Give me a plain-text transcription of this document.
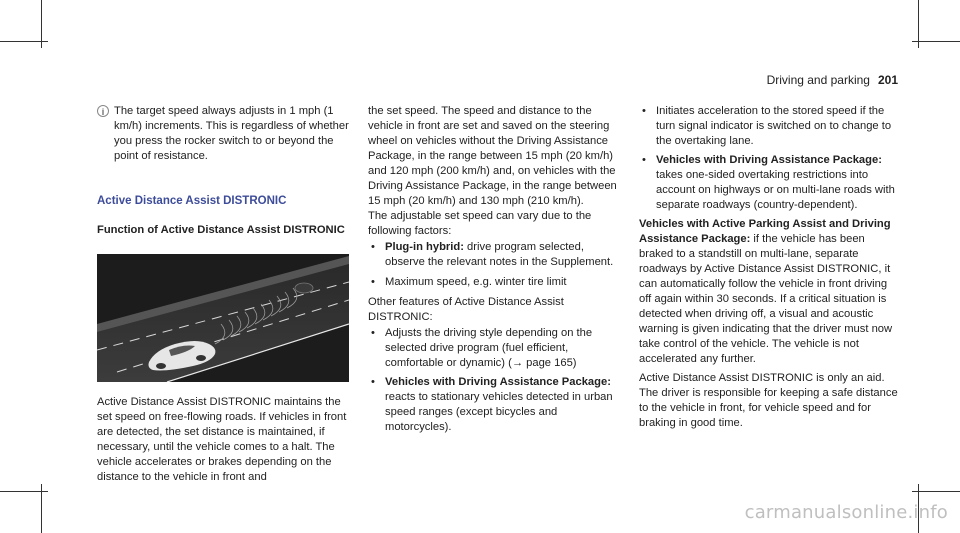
Driving and parking 201
i The target speed always adjusts in 1 mph (1 km/h) increments. This is regardless of whether you press the rocker switch to or beyond the point of resistance.

Active Distance Assist DISTRONIC

Function of Active Distance Assist DISTRONIC

Active Distance Assist DISTRONIC maintains the set speed on free-flowing roads. If vehicles in front are detected, the set distance is maintained, if necessary, until the vehicle comes to a halt. The vehicle accelerates or brakes depending on the distance to the vehicle in front and

the set speed. The speed and distance to the vehicle in front are set and saved on the steering wheel on vehicles without the Driving Assistance Package, in the range between 15 mph (20 km/h) and 120 mph (200 km/h) and, on vehicles with the Driving Assistance Package, in the range between 15 mph (20 km/h) and 130 mph (210 km/h).

The adjustable set speed can vary due to the following factors:

• Plug-in hybrid: drive program selected, observe the relevant notes in the Supplement.
• Maximum speed, e.g. winter tire limit

Other features of Active Distance Assist DISTRONIC:

• Adjusts the driving style depending on the selected drive program (fuel efficient, comfortable or dynamic) (→ page 165)
• Vehicles with Driving Assistance Package: reacts to stationary vehicles detected in urban speed ranges (except bicycles and motorcycles).
• Initiates acceleration to the stored speed if the turn signal indicator is switched on to change to the overtaking lane.
• Vehicles with Driving Assistance Package: takes one-sided overtaking restrictions into account on highways or on multi-lane roads with separate roadways (country-dependent).

Vehicles with Active Parking Assist and Driving Assistance Package: if the vehicle has been braked to a standstill on multi-lane, separate roadways by Active Distance Assist DISTRONIC, it can automatically follow the vehicle in front driving off again within 30 seconds. If a critical situation is detected when driving off, a visual and acoustic warning is given indicating that the driver must now take control of the vehicle. The vehicle is not accelerated any further.

Active Distance Assist DISTRONIC is only an aid. The driver is responsible for keeping a safe distance to the vehicle in front, for vehicle speed and for braking in good time.

carmanualsonline.info
